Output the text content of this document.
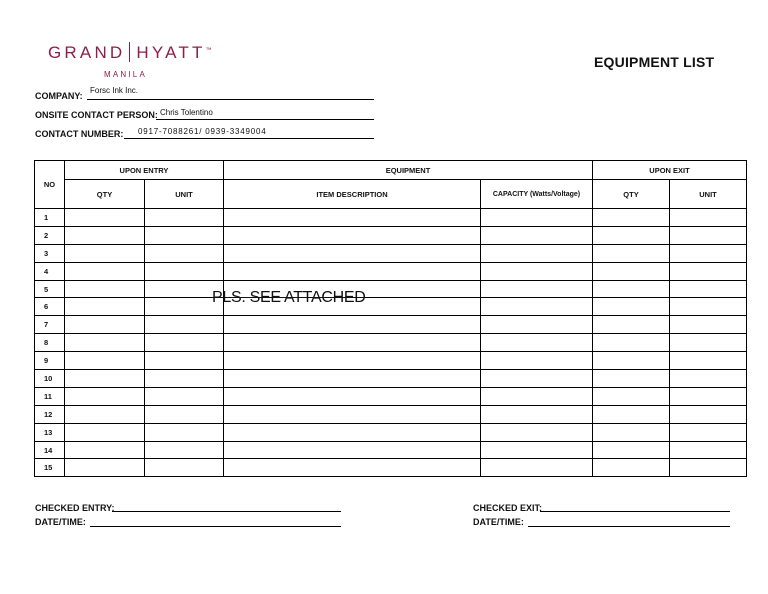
GRAND HYATT™
MANILA
EQUIPMENT LIST
COMPANY:
Forsc Ink Inc.
ONSITE CONTACT PERSON: Chris Tolentino
CONTACT NUMBER: 0917-7088261/ 0939-3349004
NO	UPON ENTRY		EQUIPMENT		UPON EXIT	
	QTY	UNIT	ITEM DESCRIPTION	CAPACITY (Watts/Voltage)	QTY	UNIT
1						
2						
3						
4						
5						
6						
7						
8						
9						
10						
11						
12						
13						
14						
15						
PLS. SEE ATTACHED
CHECKED ENTRY:
DATE/TIME:
CHECKED EXIT:
DATE/TIME:
